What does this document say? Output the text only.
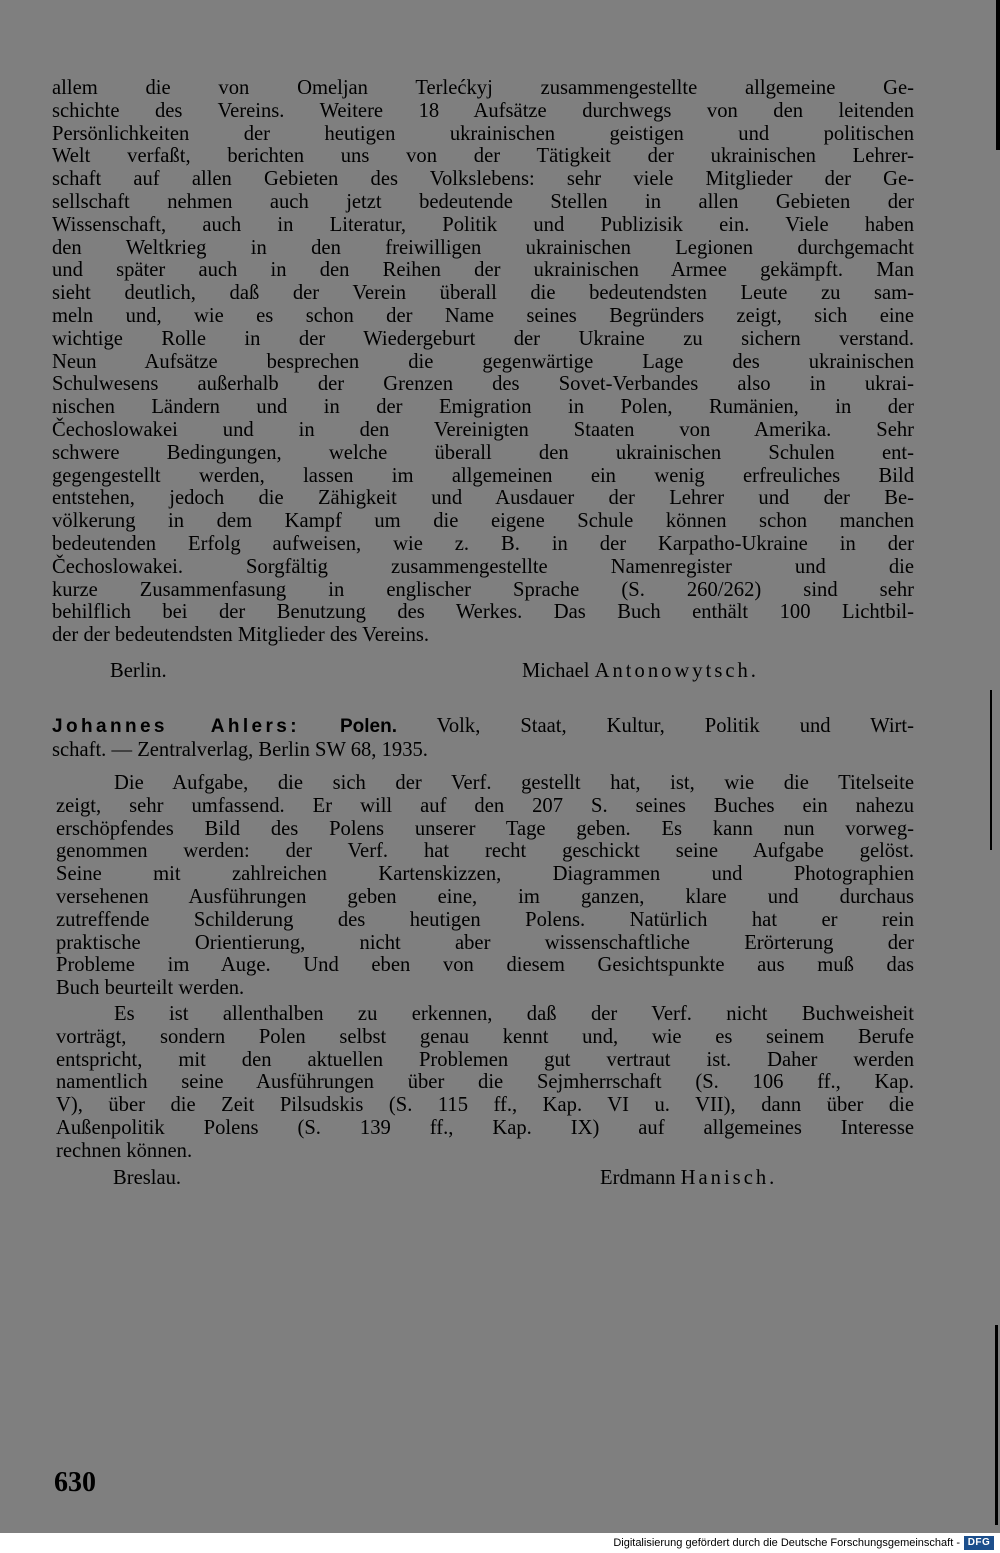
allem die von Omeljan Terlećkyj zusammengestellte allgemeine Ge-
schichte des Vereins. Weitere 18 Aufsätze durchwegs von den leitenden
Persönlichkeiten der heutigen ukrainischen geistigen und politischen
Welt verfaßt, berichten uns von der Tätigkeit der ukrainischen Lehrer-
schaft auf allen Gebieten des Volkslebens: sehr viele Mitglieder der Ge-
sellschaft nehmen auch jetzt bedeutende Stellen in allen Gebieten der
Wissenschaft, auch in Literatur, Politik und Publizisik ein. Viele haben
den Weltkrieg in den freiwilligen ukrainischen Legionen durchgemacht
und später auch in den Reihen der ukrainischen Armee gekämpft. Man
sieht deutlich, daß der Verein überall die bedeutendsten Leute zu sam-
meln und, wie es schon der Name seines Begründers zeigt, sich eine
wichtige Rolle in der Wiedergeburt der Ukraine zu sichern verstand.
Neun Aufsätze besprechen die gegenwärtige Lage des ukrainischen
Schulwesens außerhalb der Grenzen des Sovet-Verbandes also in ukrai-
nischen Ländern und in der Emigration in Polen, Rumänien, in der
Čechoslowakei und in den Vereinigten Staaten von Amerika. Sehr
schwere Bedingungen, welche überall den ukrainischen Schulen ent-
gegengestellt werden, lassen im allgemeinen ein wenig erfreuliches Bild
entstehen, jedoch die Zähigkeit und Ausdauer der Lehrer und der Be-
völkerung in dem Kampf um die eigene Schule können schon manchen
bedeutenden Erfolg aufweisen, wie z. B. in der Karpatho-Ukraine in der
Čechoslowakei. Sorgfältig zusammengestellte Namenregister und die
kurze Zusammenfasung in englischer Sprache (S. 260/262) sind sehr
behilflich bei der Benutzung des Werkes. Das Buch enthält 100 Lichtbil-
der der bedeutendsten Mitglieder des Vereins.
Berlin.	Michael Antonowytsch.
Johannes Ahlers: Polen. Volk, Staat, Kultur, Politik und Wirt-
schaft. — Zentralverlag, Berlin SW 68, 1935.
Die Aufgabe, die sich der Verf. gestellt hat, ist, wie die Titelseite
zeigt, sehr umfassend. Er will auf den 207 S. seines Buches ein nahezu
erschöpfendes Bild des Polens unserer Tage geben. Es kann nun vorweg-
genommen werden: der Verf. hat recht geschickt seine Aufgabe gelöst.
Seine mit zahlreichen Kartenskizzen, Diagrammen und Photographien
versehenen Ausführungen geben eine, im ganzen, klare und durchaus
zutreffende Schilderung des heutigen Polens. Natürlich hat er rein
praktische Orientierung, nicht aber wissenschaftliche Erörterung der
Probleme im Auge. Und eben von diesem Gesichtspunkte aus muß das
Buch beurteilt werden.
Es ist allenthalben zu erkennen, daß der Verf. nicht Buchweisheit
vorträgt, sondern Polen selbst genau kennt und, wie es seinem Berufe
entspricht, mit den aktuellen Problemen gut vertraut ist. Daher werden
namentlich seine Ausführungen über die Sejmherrschaft (S. 106 ff., Kap.
V), über die Zeit Pilsudskis (S. 115 ff., Kap. VI u. VII), dann über die
Außenpolitik Polens (S. 139 ff., Kap. IX) auf allgemeines Interesse
rechnen können.
Breslau.	Erdmann Hanisch.
630
Digitalisierung gefördert durch die Deutsche Forschungsgemeinschaft - DFG
